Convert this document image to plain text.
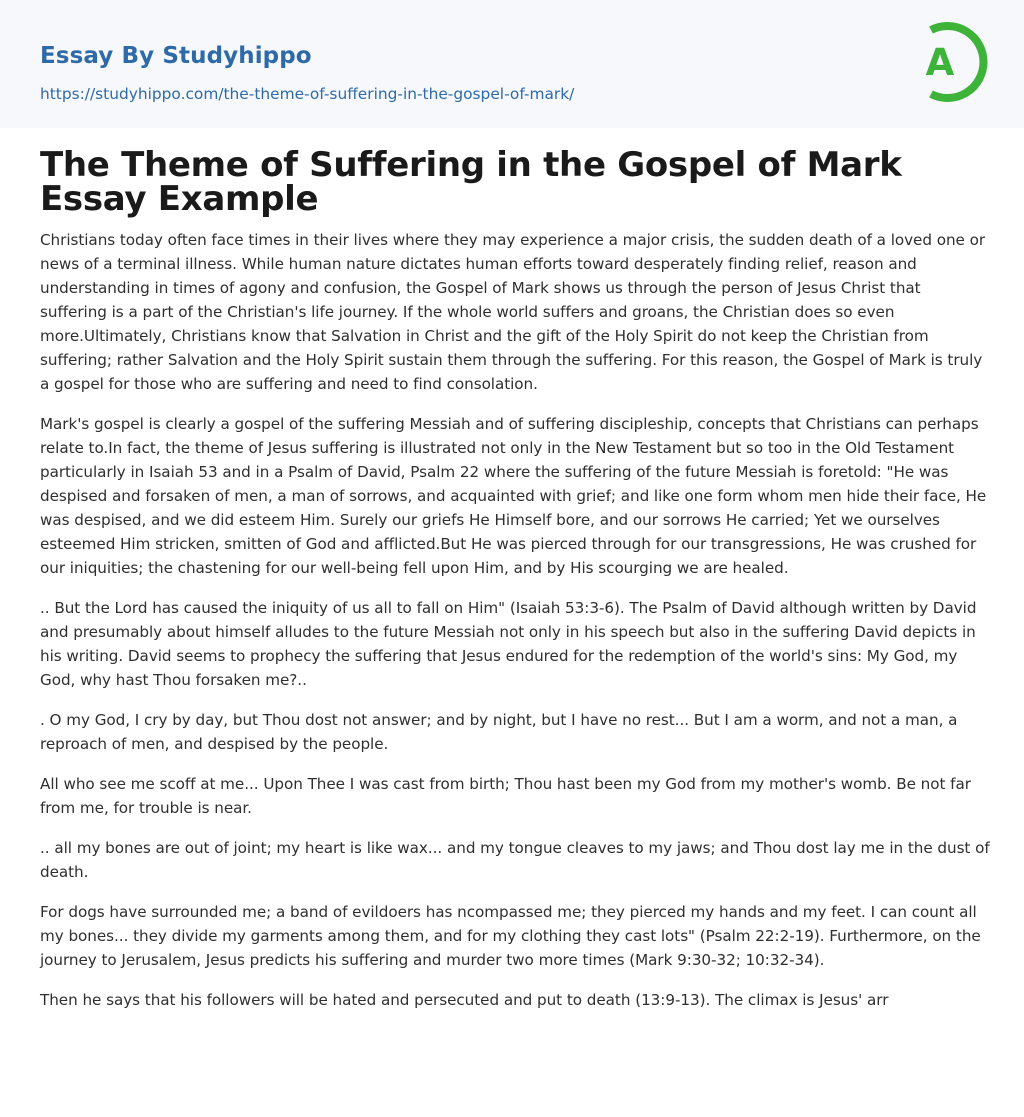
Essay By Studyhippo
https://studyhippo.com/the-theme-of-suffering-in-the-gospel-of-mark/
A
The Theme of Suffering in the Gospel of Mark Essay Example

Christians today often face times in their lives where they may experience a major crisis, the sudden death of a loved one or news of a terminal illness. While human nature dictates human efforts toward desperately finding relief, reason and understanding in times of agony and confusion, the Gospel of Mark shows us through the person of Jesus Christ that suffering is a part of the Christian's life journey. If the whole world suffers and groans, the Christian does so even more.Ultimately, Christians know that Salvation in Christ and the gift of the Holy Spirit do not keep the Christian from suffering; rather Salvation and the Holy Spirit sustain them through the suffering. For this reason, the Gospel of Mark is truly a gospel for those who are suffering and need to find consolation.

Mark's gospel is clearly a gospel of the suffering Messiah and of suffering discipleship, concepts that Christians can perhaps relate to.In fact, the theme of Jesus suffering is illustrated not only in the New Testament but so too in the Old Testament particularly in Isaiah 53 and in a Psalm of David, Psalm 22 where the suffering of the future Messiah is foretold: "He was despised and forsaken of men, a man of sorrows, and acquainted with grief; and like one form whom men hide their face, He was despised, and we did esteem Him. Surely our griefs He Himself bore, and our sorrows He carried; Yet we ourselves esteemed Him stricken, smitten of God and afflicted.But He was pierced through for our transgressions, He was crushed for our iniquities; the chastening for our well-being fell upon Him, and by His scourging we are healed.

.. But the Lord has caused the iniquity of us all to fall on Him" (Isaiah 53:3-6). The Psalm of David although written by David and presumably about himself alludes to the future Messiah not only in his speech but also in the suffering David depicts in his writing. David seems to prophecy the suffering that Jesus endured for the redemption of the world's sins: My God, my God, why hast Thou forsaken me?..

. O my God, I cry by day, but Thou dost not answer; and by night, but I have no rest... But I am a worm, and not a man, a reproach of men, and despised by the people.

All who see me scoff at me... Upon Thee I was cast from birth; Thou hast been my God from my mother's womb. Be not far from me, for trouble is near.

.. all my bones are out of joint; my heart is like wax... and my tongue cleaves to my jaws; and Thou dost lay me in the dust of death.

For dogs have surrounded me; a band of evildoers has ncompassed me; they pierced my hands and my feet. I can count all my bones... they divide my garments among them, and for my clothing they cast lots" (Psalm 22:2-19). Furthermore, on the journey to Jerusalem, Jesus predicts his suffering and murder two more times (Mark 9:30-32; 10:32-34).

Then he says that his followers will be hated and persecuted and put to death (13:9-13). The climax is Jesus' arr
